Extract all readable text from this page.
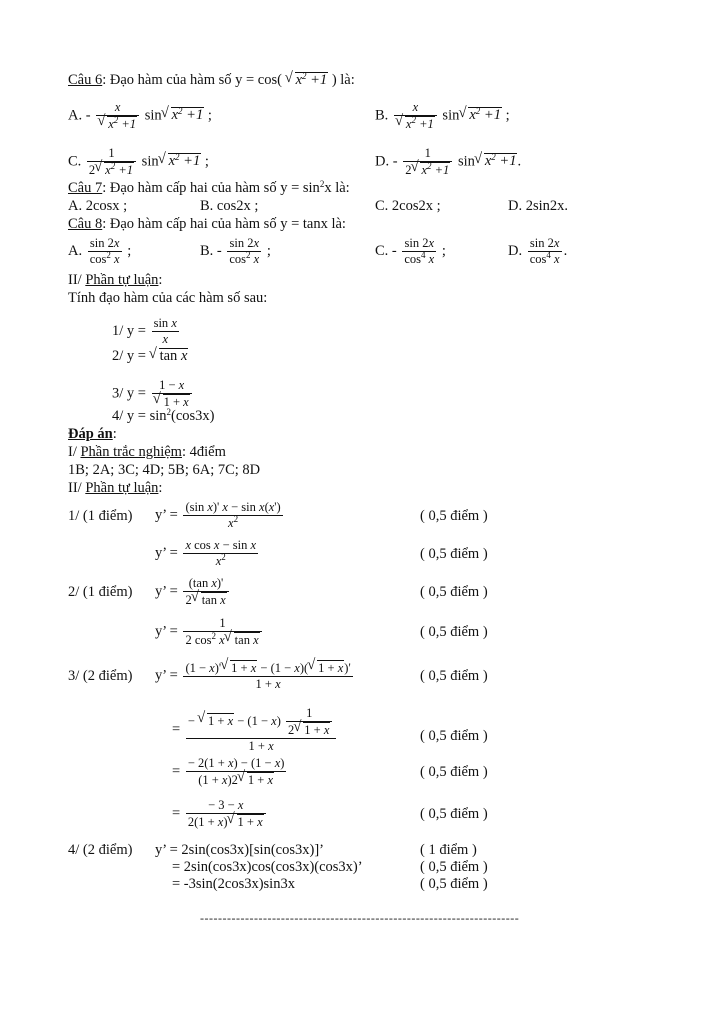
Câu 6: Đạo hàm của hàm số y = cos( √ $x^2 +1$ ) là:
A. - x
√ $x^2 +1$ sin√ $x^2 +1$ ;	B. x
√ $x^2 +1$ sin√ $x^2 +1$ ;
C. $\frac{1}{2√ x^2 +1} \sin√$ $x^2 +1$ ;	D. - $\frac{1}{2√ x^2 +1} \sin√$ $x^2 +1$.
Câu 7: Đạo hàm cấp hai của hàm số $y = \sin^2x$ là:
A. 2cosx ;	B. cos2x ;	C. 2cos2x ;	D. 2sin2x.
Câu 8: Đạo hàm cấp hai của hàm số y = tanx là:
A. $\frac{\sin 2x}{\cos^2 x}$ ;	B. - $\frac{\sin 2x}{\cos^2 x}$ ;	C. - $\frac{\sin 2x}{\cos^4 x}$ ;	D. $\frac{\sin 2x}{\cos^4 x}$ .
II/ Phần tự luận:
Tính đạo hàm của các hàm số sau:
1/ $y = \frac{\text{sin x}}{x}$
2/ y = √ tan x
3/ y = 1 − x
√ 1 + x
4/ $y = \sin^2(\cos 3x)$
Đáp án:
I/ Phần trắc nghiệm: 4điểm
1B; 2A; 3C; 4D; 5B; 6A; 7C; 8D
II/ Phần tự luận:
1/ (1 điểm) y’ = $\frac{\text{(sin x)' x − sin x(x')}}{x^2}$	( 0,5 điểm )
y’ = $\frac{\text{x cos x − sin x}}{x^2}$	( 0,5 điểm )
2/ (1 điểm) y’ = $\frac{\text{(tan x)'}}{\text{2√ tan x}}$	( 0,5 điểm )
y’ = $\frac{1}{2 \cos^2 x√ \tan x}$	( 0,5 điểm )
3/ (2 điểm) y’ = $\frac{(1 - x)'√ 1 + x - (1 - x)(√ 1 + x)'}{1 + x}$	( 0,5 điểm )
= $\frac{- √ 1 + x - (1 - x) \frac{1}{2√ 1 + x}}{1 + x}$	( 0,5 điểm )
= $\frac{- 2(1 + x) - (1 - x)}{(1 + x)2√ 1 + x}$	( 0,5 điểm )
= $\frac{- 3 - x}{2(1 + x)√ 1 + x}$	( 0,5 điểm )
4/ (2 điểm) y’ = 2sin(cos3x)[sin(cos3x)]’	( 1 điểm )
= 2sin(cos3x)cos(cos3x)(cos3x)’	( 0,5 điểm )
= -3sin(2cos3x)sin3x	( 0,5 điểm )
-----------------------------------------------------------------------
